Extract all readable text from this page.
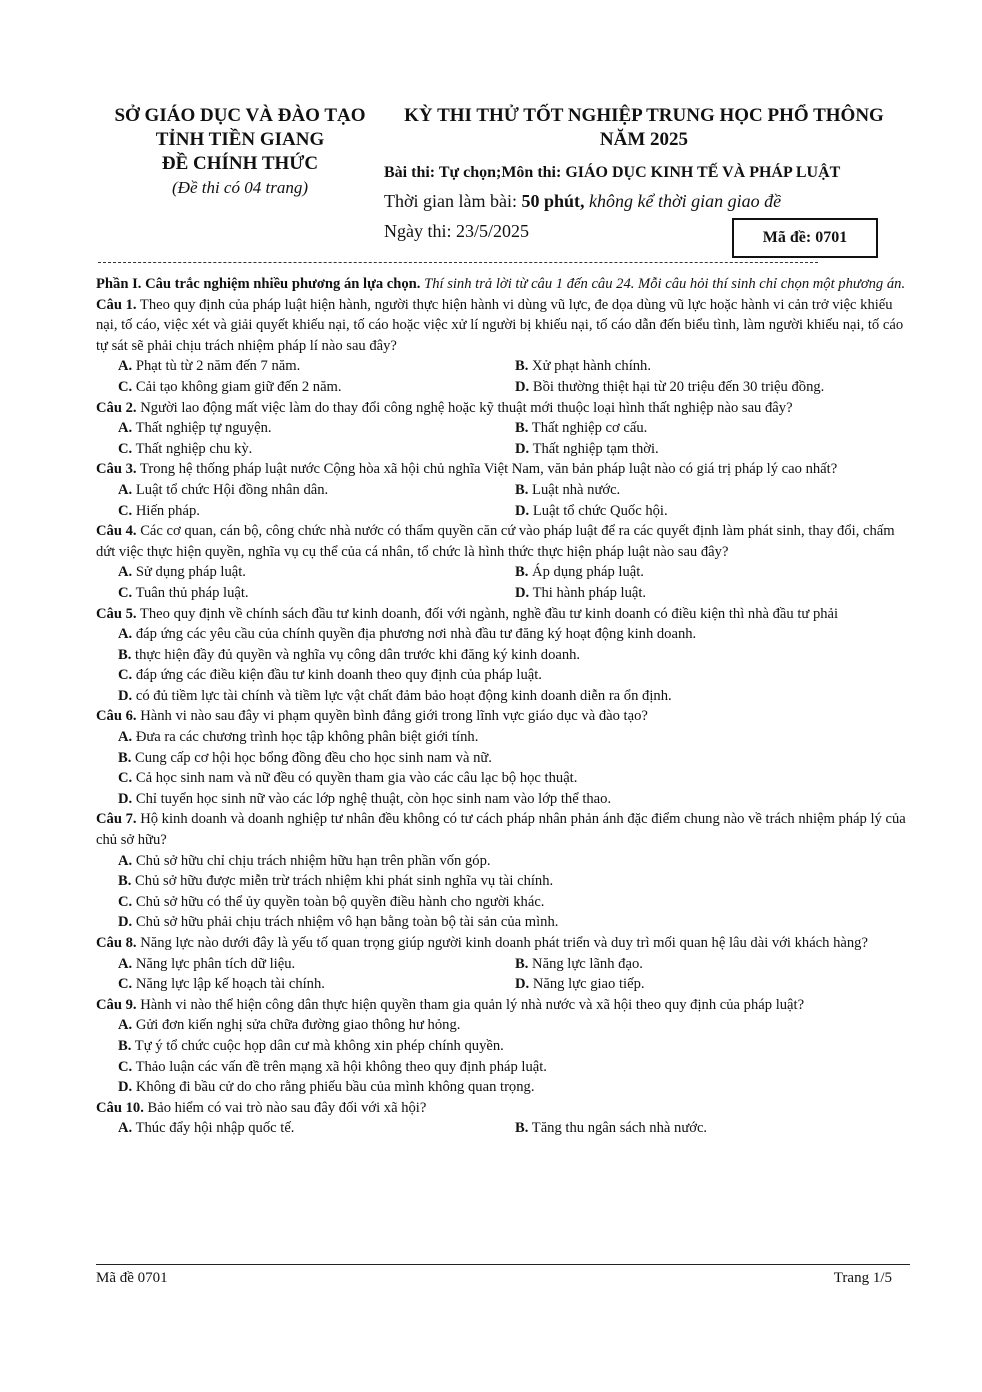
SỞ GIÁO DỤC VÀ ĐÀO TẠO
TỈNH TIỀN GIANG
ĐỀ CHÍNH THỨC
(Đề thi có 04 trang)
KỲ THI THỬ TỐT NGHIỆP TRUNG HỌC PHỔ THÔNG
NĂM 2025
Bài thi: Tự chọn;Môn thi: GIÁO DỤC KINH TẾ VÀ PHÁP LUẬT
Thời gian làm bài: 50 phút, không kể thời gian giao đề
Ngày thi: 23/5/2025	Mã đề: 0701

Phần I. Câu trắc nghiệm nhiều phương án lựa chọn. Thí sinh trả lời từ câu 1 đến câu 24. Mỗi câu hỏi thí sinh chỉ chọn một phương án.

Câu 1. Theo quy định của pháp luật hiện hành, người thực hiện hành vi dùng vũ lực, đe dọa dùng vũ lực hoặc hành vi cản trở việc khiếu nại, tố cáo, việc xét và giải quyết khiếu nại, tố cáo hoặc việc xử lí người bị khiếu nại, tố cáo dẫn đến biểu tình, làm người khiếu nại, tố cáo tự sát sẽ phải chịu trách nhiệm pháp lí nào sau đây?

A. Phạt tù từ 2 năm đến 7 năm.	B. Xử phạt hành chính.
C. Cải tạo không giam giữ đến 2 năm.	D. Bồi thường thiệt hại từ 20 triệu đến 30 triệu đồng.

Câu 2. Người lao động mất việc làm do thay đổi công nghệ hoặc kỹ thuật mới thuộc loại hình thất nghiệp nào sau đây?

A. Thất nghiệp tự nguyện.	B. Thất nghiệp cơ cấu.
C. Thất nghiệp chu kỳ.	D. Thất nghiệp tạm thời.

Câu 3. Trong hệ thống pháp luật nước Cộng hòa xã hội chủ nghĩa Việt Nam, văn bản pháp luật nào có giá trị pháp lý cao nhất?

A. Luật tổ chức Hội đồng nhân dân.	B. Luật nhà nước.
C. Hiến pháp.	D. Luật tổ chức Quốc hội.

Câu 4. Các cơ quan, cán bộ, công chức nhà nước có thẩm quyền căn cứ vào pháp luật để ra các quyết định làm phát sinh, thay đổi, chấm dứt việc thực hiện quyền, nghĩa vụ cụ thể của cá nhân, tổ chức là hình thức thực hiện pháp luật nào sau đây?

A. Sử dụng pháp luật.	B. Áp dụng pháp luật.
C. Tuân thủ pháp luật.	D. Thi hành pháp luật.

Câu 5. Theo quy định về chính sách đầu tư kinh doanh, đối với ngành, nghề đầu tư kinh doanh có điều kiện thì nhà đầu tư phải

A. đáp ứng các yêu cầu của chính quyền địa phương nơi nhà đầu tư đăng ký hoạt động kinh doanh.
B. thực hiện đầy đủ quyền và nghĩa vụ công dân trước khi đăng ký kinh doanh.
C. đáp ứng các điều kiện đầu tư kinh doanh theo quy định của pháp luật.
D. có đủ tiềm lực tài chính và tiềm lực vật chất đảm bảo hoạt động kinh doanh diễn ra ổn định.

Câu 6. Hành vi nào sau đây vi phạm quyền bình đẳng giới trong lĩnh vực giáo dục và đào tạo?

A. Đưa ra các chương trình học tập không phân biệt giới tính.
B. Cung cấp cơ hội học bổng đồng đều cho học sinh nam và nữ.
C. Cả học sinh nam và nữ đều có quyền tham gia vào các câu lạc bộ học thuật.
D. Chỉ tuyển học sinh nữ vào các lớp nghệ thuật, còn học sinh nam vào lớp thể thao.

Câu 7. Hộ kinh doanh và doanh nghiệp tư nhân đều không có tư cách pháp nhân phản ánh đặc điểm chung nào về trách nhiệm pháp lý của chủ sở hữu?

A. Chủ sở hữu chỉ chịu trách nhiệm hữu hạn trên phần vốn góp.
B. Chủ sở hữu được miễn trừ trách nhiệm khi phát sinh nghĩa vụ tài chính.
C. Chủ sở hữu có thể ủy quyền toàn bộ quyền điều hành cho người khác.
D. Chủ sở hữu phải chịu trách nhiệm vô hạn bằng toàn bộ tài sản của mình.

Câu 8. Năng lực nào dưới đây là yếu tố quan trọng giúp người kinh doanh phát triển và duy trì mối quan hệ lâu dài với khách hàng?

A. Năng lực phân tích dữ liệu.	B. Năng lực lãnh đạo.
C. Năng lực lập kế hoạch tài chính.	D. Năng lực giao tiếp.

Câu 9. Hành vi nào thể hiện công dân thực hiện quyền tham gia quản lý nhà nước và xã hội theo quy định của pháp luật?

A. Gửi đơn kiến nghị sửa chữa đường giao thông hư hỏng.
B. Tự ý tổ chức cuộc họp dân cư mà không xin phép chính quyền.
C. Thảo luận các vấn đề trên mạng xã hội không theo quy định pháp luật.
D. Không đi bầu cử do cho rằng phiếu bầu của mình không quan trọng.

Câu 10. Bảo hiểm có vai trò nào sau đây đối với xã hội?

A. Thúc đẩy hội nhập quốc tế.	B. Tăng thu ngân sách nhà nước.
Mã đề 0701	Trang 1/5
